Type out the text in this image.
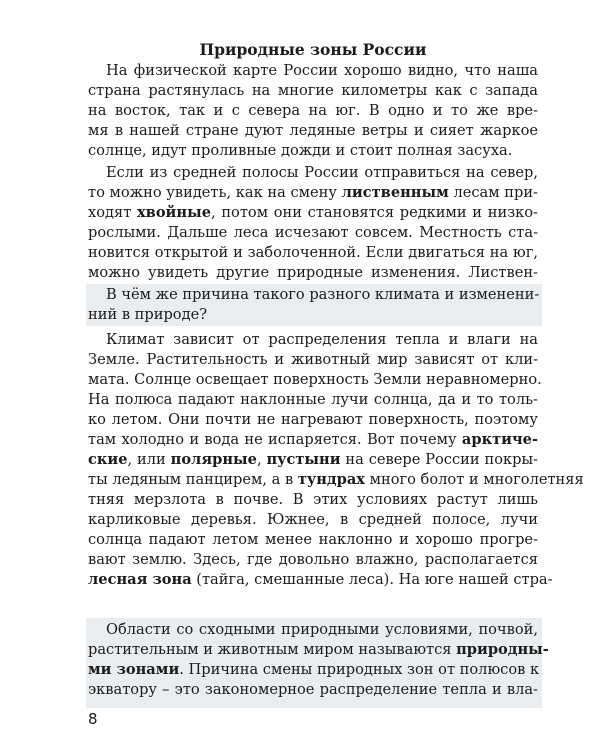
Природные зоны России
На физической карте России хорошо видно, что наша
страна растянулась на многие километры как с запада
на восток, так и с севера на юг. В одно и то же вре-
мя в нашей стране дуют ледяные ветры и сияет жаркое
солнце, идут проливные дожди и стоит полная засуха.
Если из средней полосы России отправиться на север,
то можно увидеть, как на смену лиственным лесам при-
ходят хвойные, потом они становятся редкими и низко-
рослыми. Дальше леса исчезают совсем. Местность ста-
новится открытой и заболоченной. Если двигаться на юг,
можно увидеть другие природные изменения. Листвен-
В чём же причина такого разного климата и изменени-
ний в природе?
Климат зависит от распределения тепла и влаги на
Земле. Растительность и животный мир зависят от кли-
мата. Солнце освещает поверхность Земли неравномерно.
На полюса падают наклонные лучи солнца, да и то толь-
ко летом. Они почти не нагревают поверхность, поэтому
там холодно и вода не испаряется. Вот почему арктиче-
ские, или полярные, пустыни на севере России покры-
ты ледяным панцирем, а в тундрах много болот и многолетняя
тняя мерзлота в почве. В этих условиях растут лишь
карликовые деревья. Южнее, в средней полосе, лучи
солнца падают летом менее наклонно и хорошо прогре-
вают землю. Здесь, где довольно влажно, располагается
лесная зона (тайга, смешанные леса). На юге нашей стра-
Области со сходными природными условиями, почвой,
растительным и животным миром называются природны-
ми зонами. Причина смены природных зон от полюсов к
экватору – это закономерное распределение тепла и вла-
8
